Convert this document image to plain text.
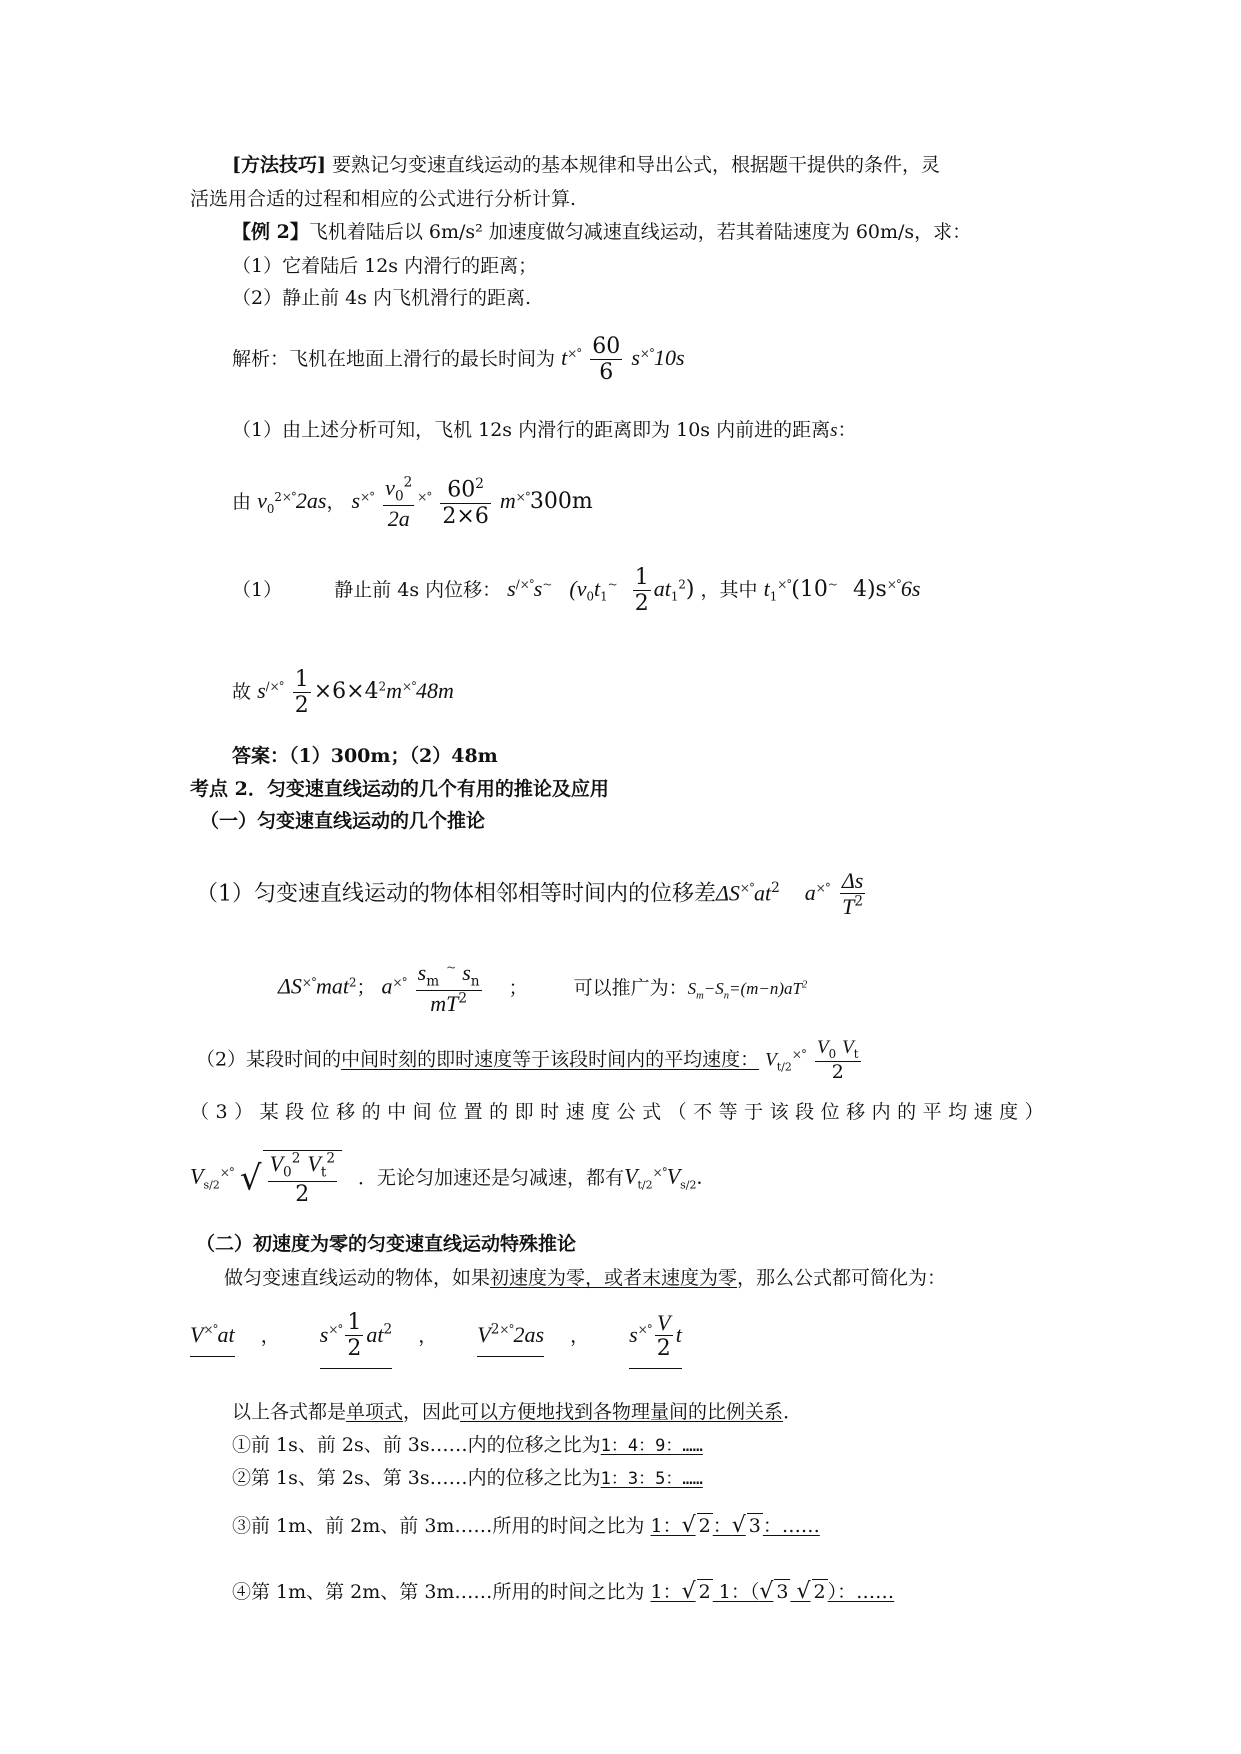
[方法技巧] 要熟记匀变速直线运动的基本规律和导出公式，根据题干提供的条件，灵
活选用合适的过程和相应的公式进行分析计算.
【例 2】飞机着陆后以 6m/s² 加速度做匀减速直线运动，若其着陆速度为 60m/s，求：
（1）它着陆后 12s 内滑行的距离；
（2）静止前 4s 内飞机滑行的距离.
解析：飞机在地面上滑行的最长时间为 $t^{\times^\circ} \frac{60}{6} s^{\times^\circ}10s$
（1）由上述分析可知，飞机 12s 内滑行的距离即为 10s 内前进的距离s：
由 $v_0^{2\times^\circ}2as$， $s^{\times^\circ} \frac{v_0^2}{2a} ^{\times^\circ} \frac{60^2}{2\times 6} m^{\times^\circ}300m$
（1）	静止前 4s 内位移： s/×°s~ $(v_0t_1^\sim \frac{1}{2} at_1^2)$ ，其中 $t_1^{\times^\circ}(10^\sim$ 4)s×°6s
故 $s^{/\times^\circ} \frac{1}{2} \times 6\times 4^2m^{\times^\circ}48m$
答案：（1）300m；（2）48m
考点 2．匀变速直线运动的几个有用的推论及应用
（一）匀变速直线运动的几个推论
（1）匀变速直线运动的物体相邻相等时间内的位移差$\Delta S^{\times^\circ}at^2$ $a^{\times^\circ} \frac{\Delta s}{T^2}$
ΔS×°mat$^2$； $a^{\times^\circ} \frac{s_m ^\sim s_n}{mT^2}$ ； 可以推广为：$S_m-S_n=(m-n)aT^2$
（2）某段时间的中间时刻的即时速度等于该段时间内的平均速度： $V_{t/2}^{\times^\circ} \frac{V_0 V_t}{2}$
（3）某段位移的中间位置的即时速度公式（不等于该段位移内的平均速度）
$V_{s/2}^{\times^\circ}$ √ $\frac{V_0^2 V_t^2}{2}$ ．无论匀加速还是匀减速，都有$V_{t/2}^{\times^\circ}V_{s/2}$．
（二）初速度为零的匀变速直线运动特殊推论
做匀变速直线运动的物体，如果初速度为零，或者末速度为零，那么公式都可简化为：
V×°at ， $s^{\times^\circ} \frac{1}{2} at^2$ ， $V^{2\times^\circ}2as$ ， $s^{\times^\circ} \frac{V}{2}$ t
以上各式都是单项式，因此可以方便地找到各物理量间的比例关系．
①前 1s、前 2s、前 3s……内的位移之比为1：4：9：……
②第 1s、第 2s、第 3s……内的位移之比为1：3：5：……
③前 1m、前 2m、前 3m……所用的时间之比为 1：√ 2 ：√ 3 ：……
④第 1m、第 2m、第 3m……所用的时间之比为 1：√ 2 1：（√ 3 √ 2 ）：……
